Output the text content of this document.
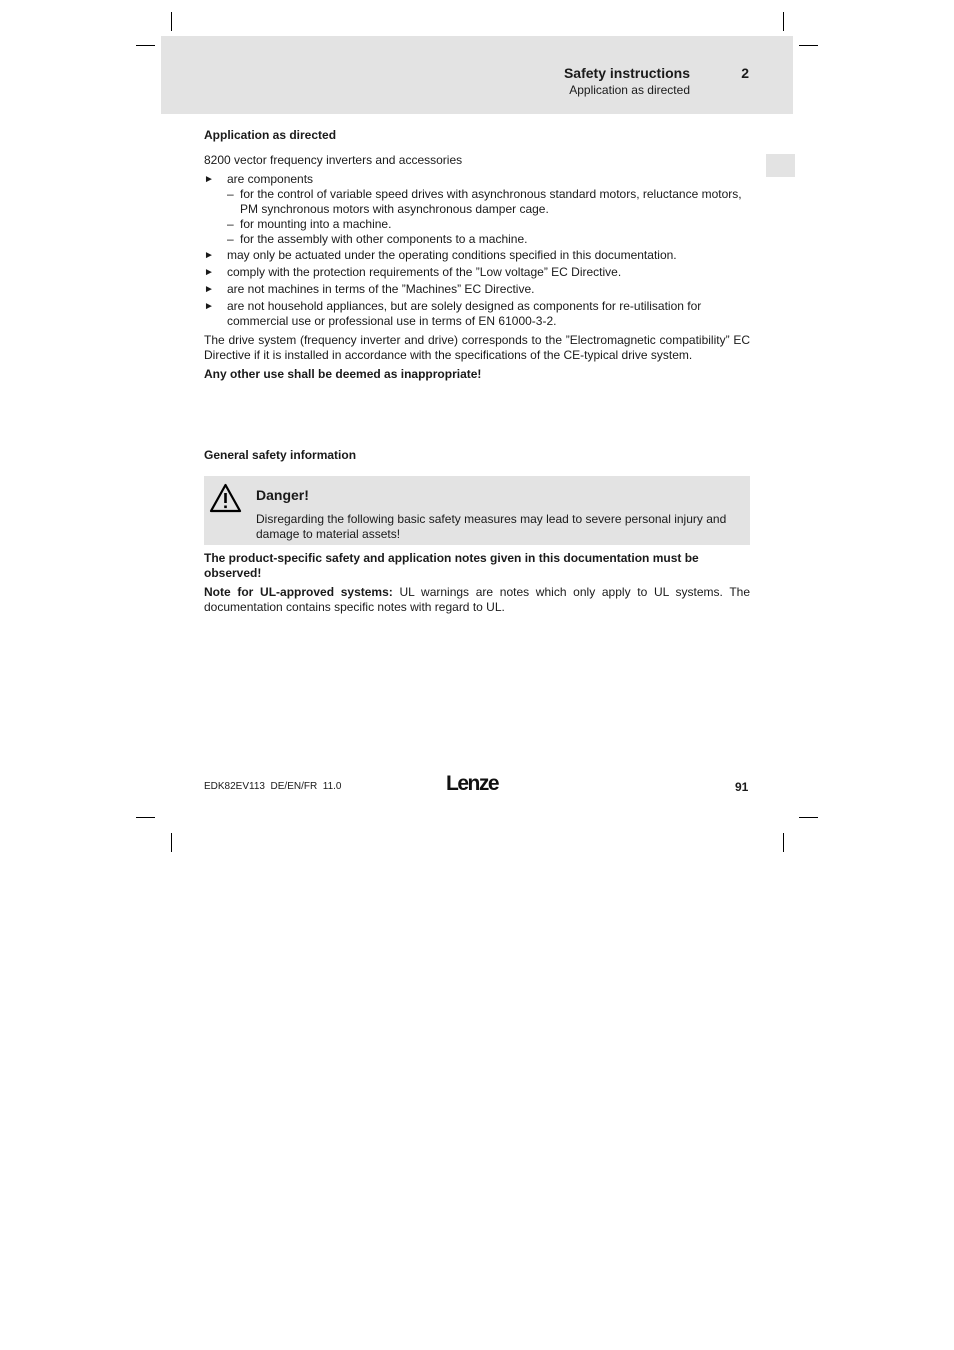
Safety instructions	2
Application as directed

Application as directed

8200 vector frequency inverters and accessories

►	are components
– for the control of variable speed drives with asynchronous standard motors, reluctance motors, PM synchronous motors with asynchronous damper cage.
– for mounting into a machine.
– for the assembly with other components to a machine.
►	may only be actuated under the operating conditions specified in this documentation.
►	comply with the protection requirements of the ”Low voltage” EC Directive.
►	are not machines in terms of the ”Machines” EC Directive.
►	are not household appliances, but are solely designed as components for re-utilisation for commercial use or professional use in terms of EN 61000-3-2.

The drive system (frequency inverter and drive) corresponds to the ”Electromagnetic compatibility” EC Directive if it is installed in accordance with the specifications of the CE-typical drive system.

Any other use shall be deemed as inappropriate!

General safety information

Danger!
Disregarding the following basic safety measures may lead to severe personal injury and damage to material assets!

The product-specific safety and application notes given in this documentation must be observed!

Note for UL-approved systems: UL warnings are notes which only apply to UL systems. The documentation contains specific notes with regard to UL.

EDK82EV113  DE/EN/FR  11.0	Lenze	91
